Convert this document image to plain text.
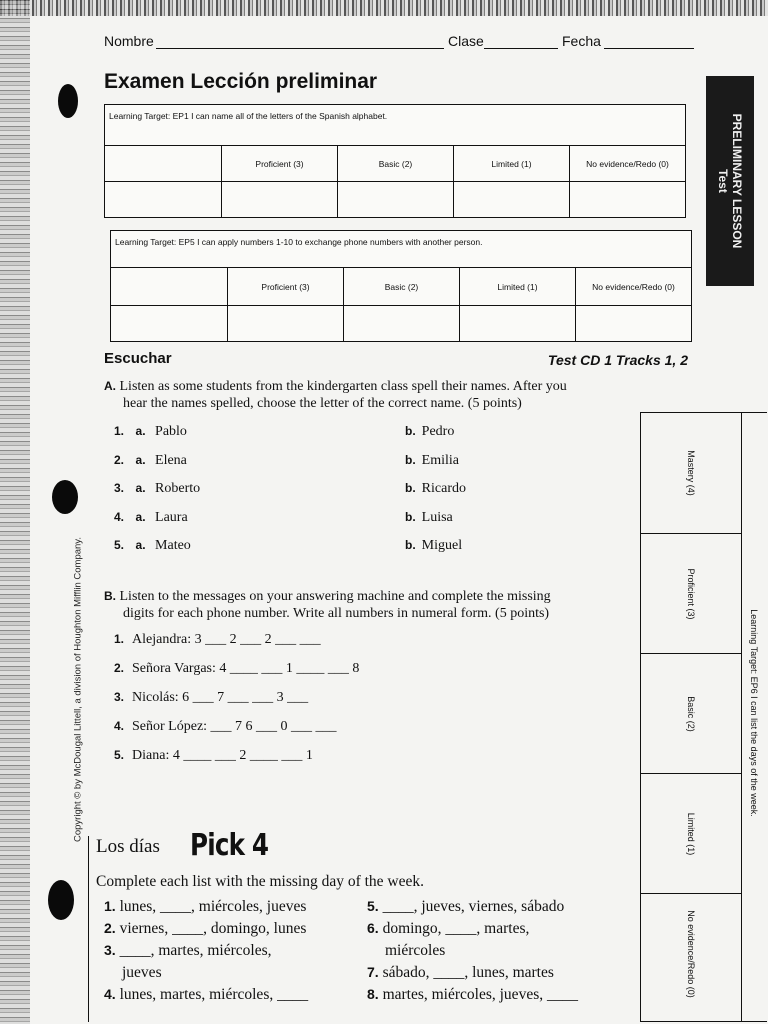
Copyright © by McDougal Littell, a division of Houghton Mifflin Company.
Nombre	Clase	Fecha
Examen Lección preliminar
PRELIMINARY LESSON
Test
Learning Target: EP1 I can name all of the letters of the Spanish alphabet.
Proficient (3)	Basic (2)	Limited (1)	No evidence/Redo (0)
Learning Target: EP5 I can apply numbers 1-10 to exchange phone numbers with another person.
Proficient (3)	Basic (2)	Limited (1)	No evidence/Redo (0)
Escuchar	Test CD 1 Tracks 1, 2
A. Listen as some students from the kindergarten class spell their names. After you
hear the names spelled, choose the letter of the correct name. (5 points)
1. a. Pablo	b. Pedro
2. a. Elena	b. Emilia
3. a. Roberto	b. Ricardo
4. a. Laura	b. Luisa
5. a. Mateo	b. Miguel
B. Listen to the messages on your answering machine and complete the missing
digits for each phone number. Write all numbers in numeral form. (5 points)
1. Alejandra: 3 ___ 2 ___ 2 ___ ___
2. Señora Vargas: 4 ____ ___ 1 ____ ___ 8
3. Nicolás: 6 ___ 7 ___ ___ 3 ___
4. Señor López: ___ 7 6 ___ 0 ___ ___
5. Diana: 4 ____ ___ 2 ____ ___ 1	Learning Target: EP6 I can list the days of the week.
Mastery (4)
Proficient (3)
Basic (2)
Limited (1)
No evidence/Redo (0)
Los días Pick 4
Complete each list with the missing day of the week.
1. lunes, ____, miércoles, jueves
2. viernes, ____, domingo, lunes
3. ____, martes, miércoles,
jueves
4. lunes, martes, miércoles, ____
5. ____, jueves, viernes, sábado
6. domingo, ____, martes,
miércoles
7. sábado, ____, lunes, martes
8. martes, miércoles, jueves, ____
